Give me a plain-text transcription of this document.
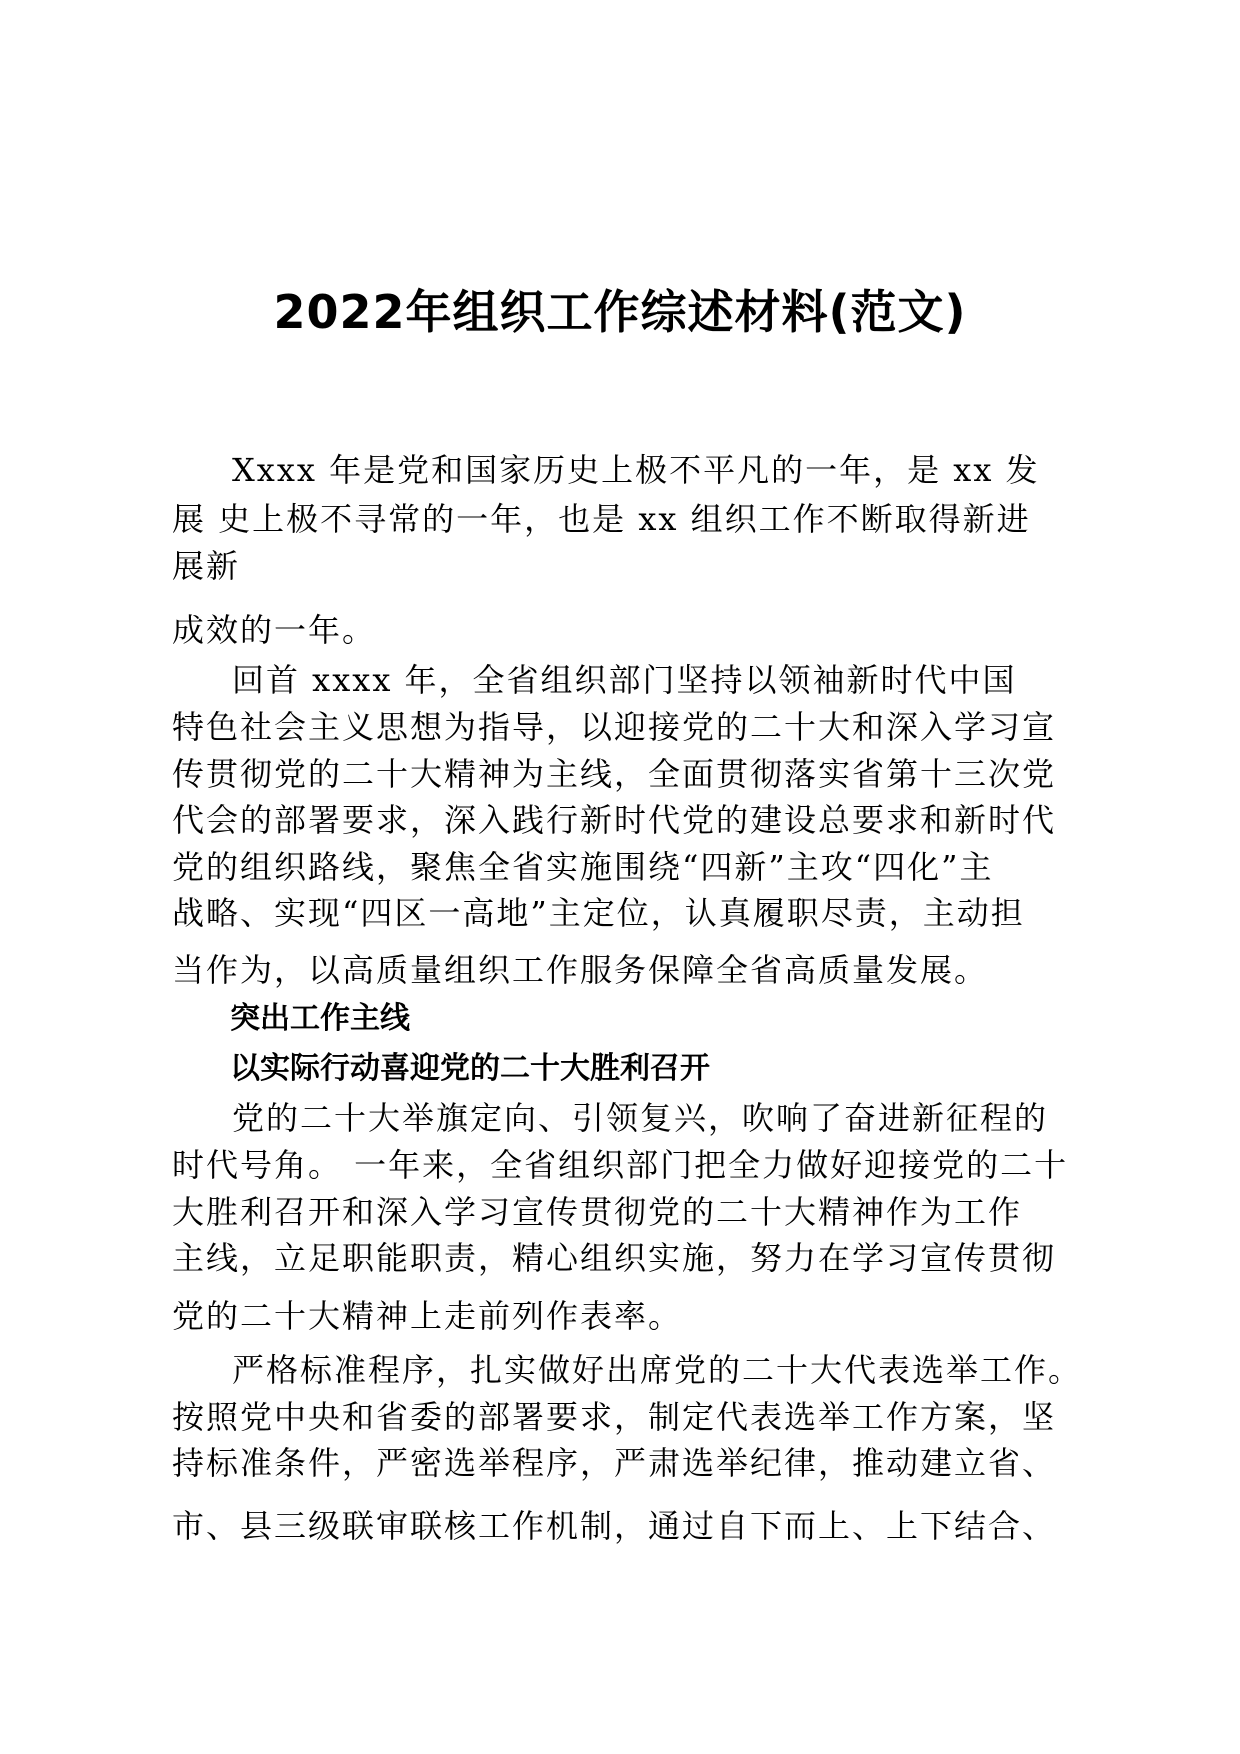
2022年组织工作综述材料(范文)
Xxxx 年是党和国家历史上极不平凡的一年，是 xx 发
展 史上极不寻常的一年，也是 xx 组织工作不断取得新进
展新
成效的一年。
回首 xxxx 年，全省组织部门坚持以领袖新时代中国
特色社会主义思想为指导，以迎接党的二十大和深入学习宣
传贯彻党的二十大精神为主线，全面贯彻落实省第十三次党
代会的部署要求，深入践行新时代党的建设总要求和新时代
党的组织路线，聚焦全省实施围绕“四新”主攻“四化”主
战略、实现“四区一高地”主定位，认真履职尽责，主动担
当作为，以高质量组织工作服务保障全省高质量发展。
突出工作主线
以实际行动喜迎党的二十大胜利召开
党的二十大举旗定向、引领复兴，吹响了奋进新征程的
时代号角。 一年来，全省组织部门把全力做好迎接党的二十
大胜利召开和深入学习宣传贯彻党的二十大精神作为工作
主线，立足职能职责，精心组织实施，努力在学习宣传贯彻
党的二十大精神上走前列作表率。
严格标准程序，扎实做好出席党的二十大代表选举工作。
按照党中央和省委的部署要求，制定代表选举工作方案，坚
持标准条件，严密选举程序，严肃选举纪律，推动建立省、
市、县三级联审联核工作机制，通过自下而上、上下结合、
